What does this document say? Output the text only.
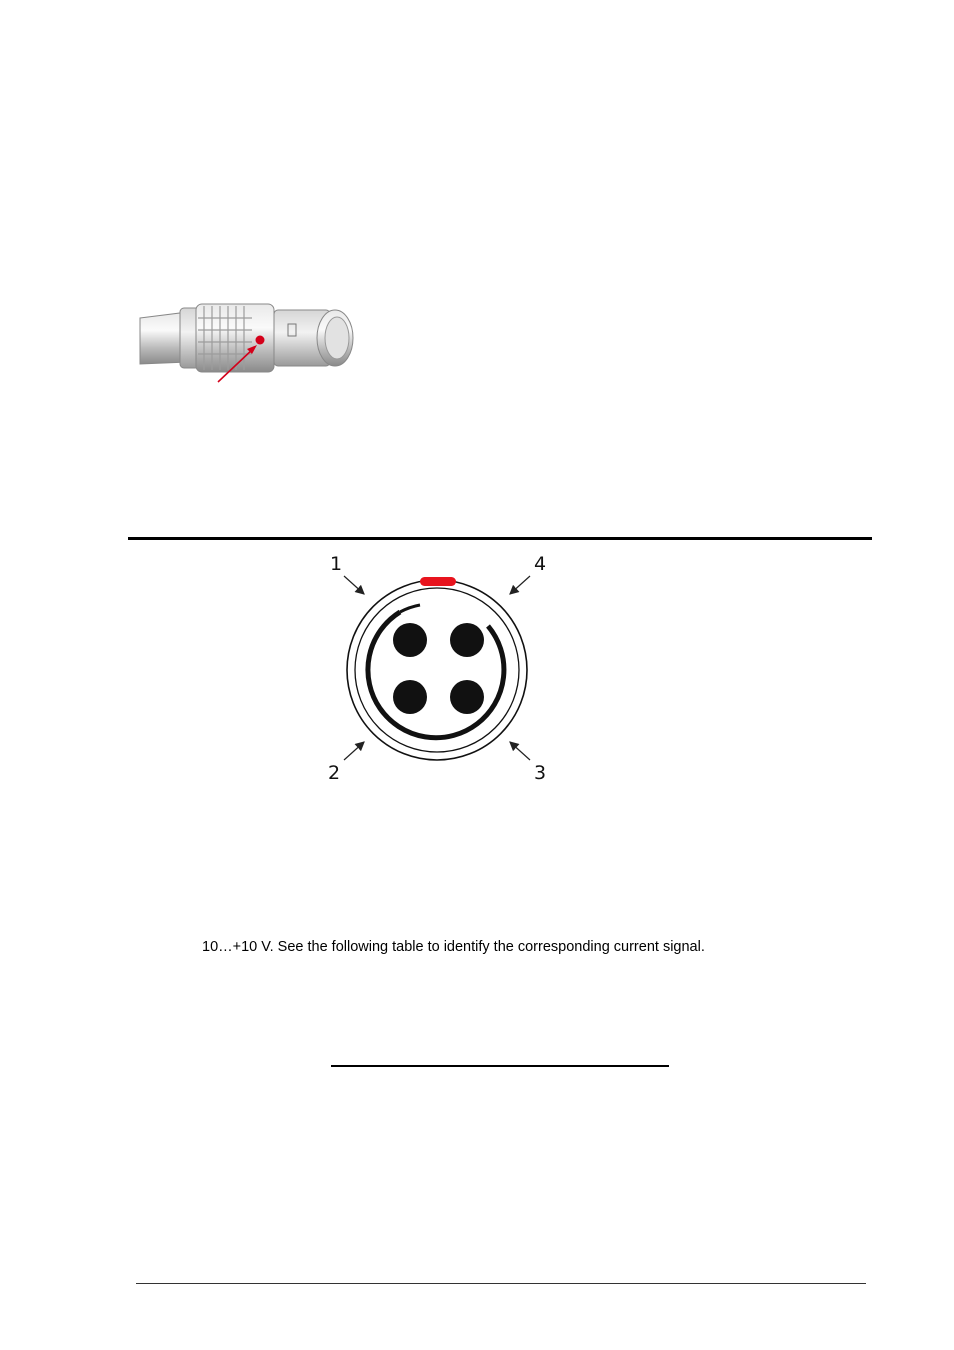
1	4
2	3
10…+10 V. See the following table to identify the corresponding current signal.
